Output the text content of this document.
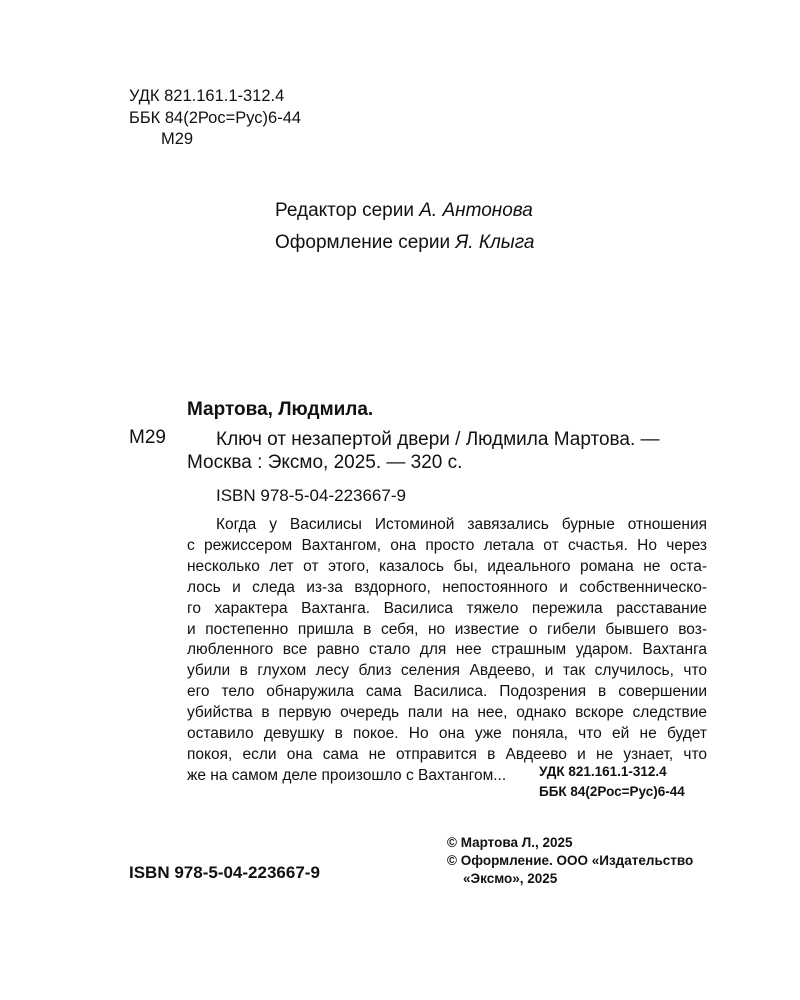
УДК 821.161.1-312.4
ББК 84(2Рос=Рус)6-44
М29
Редактор серии А. Антонова
Оформление серии Я. Клыга
Мартова, Людмила.
М29	Ключ от незапертой двери / Людмила Мартова. —
Москва : Эксмо, 2025. — 320 с.
ISBN 978-5-04-223667-9
Когда у Василисы Истоминой завязались бурные отношения
с режиссером Вахтангом, она просто летала от счастья. Но через
несколько лет от этого, казалось бы, идеального романа не оста-
лось и следа из-за вздорного, непостоянного и собственническо-
го характера Вахтанга. Василиса тяжело пережила расставание
и постепенно пришла в себя, но известие о гибели бывшего воз-
любленного все равно стало для нее страшным ударом. Вахтанга
убили в глухом лесу близ селения Авдеево, и так случилось, что
его тело обнаружила сама Василиса. Подозрения в совершении
убийства в первую очередь пали на нее, однако вскоре следствие
оставило девушку в покое. Но она уже поняла, что ей не будет
покоя, если она сама не отправится в Авдеево и не узнает, что
же на самом деле произошло с Вахтангом...	УДК 821.161.1-312.4
ББК 84(2Рос=Рус)6-44
© Мартова Л., 2025
© Оформление. ООО «Издательство
«Эксмо», 2025
ISBN 978-5-04-223667-9
